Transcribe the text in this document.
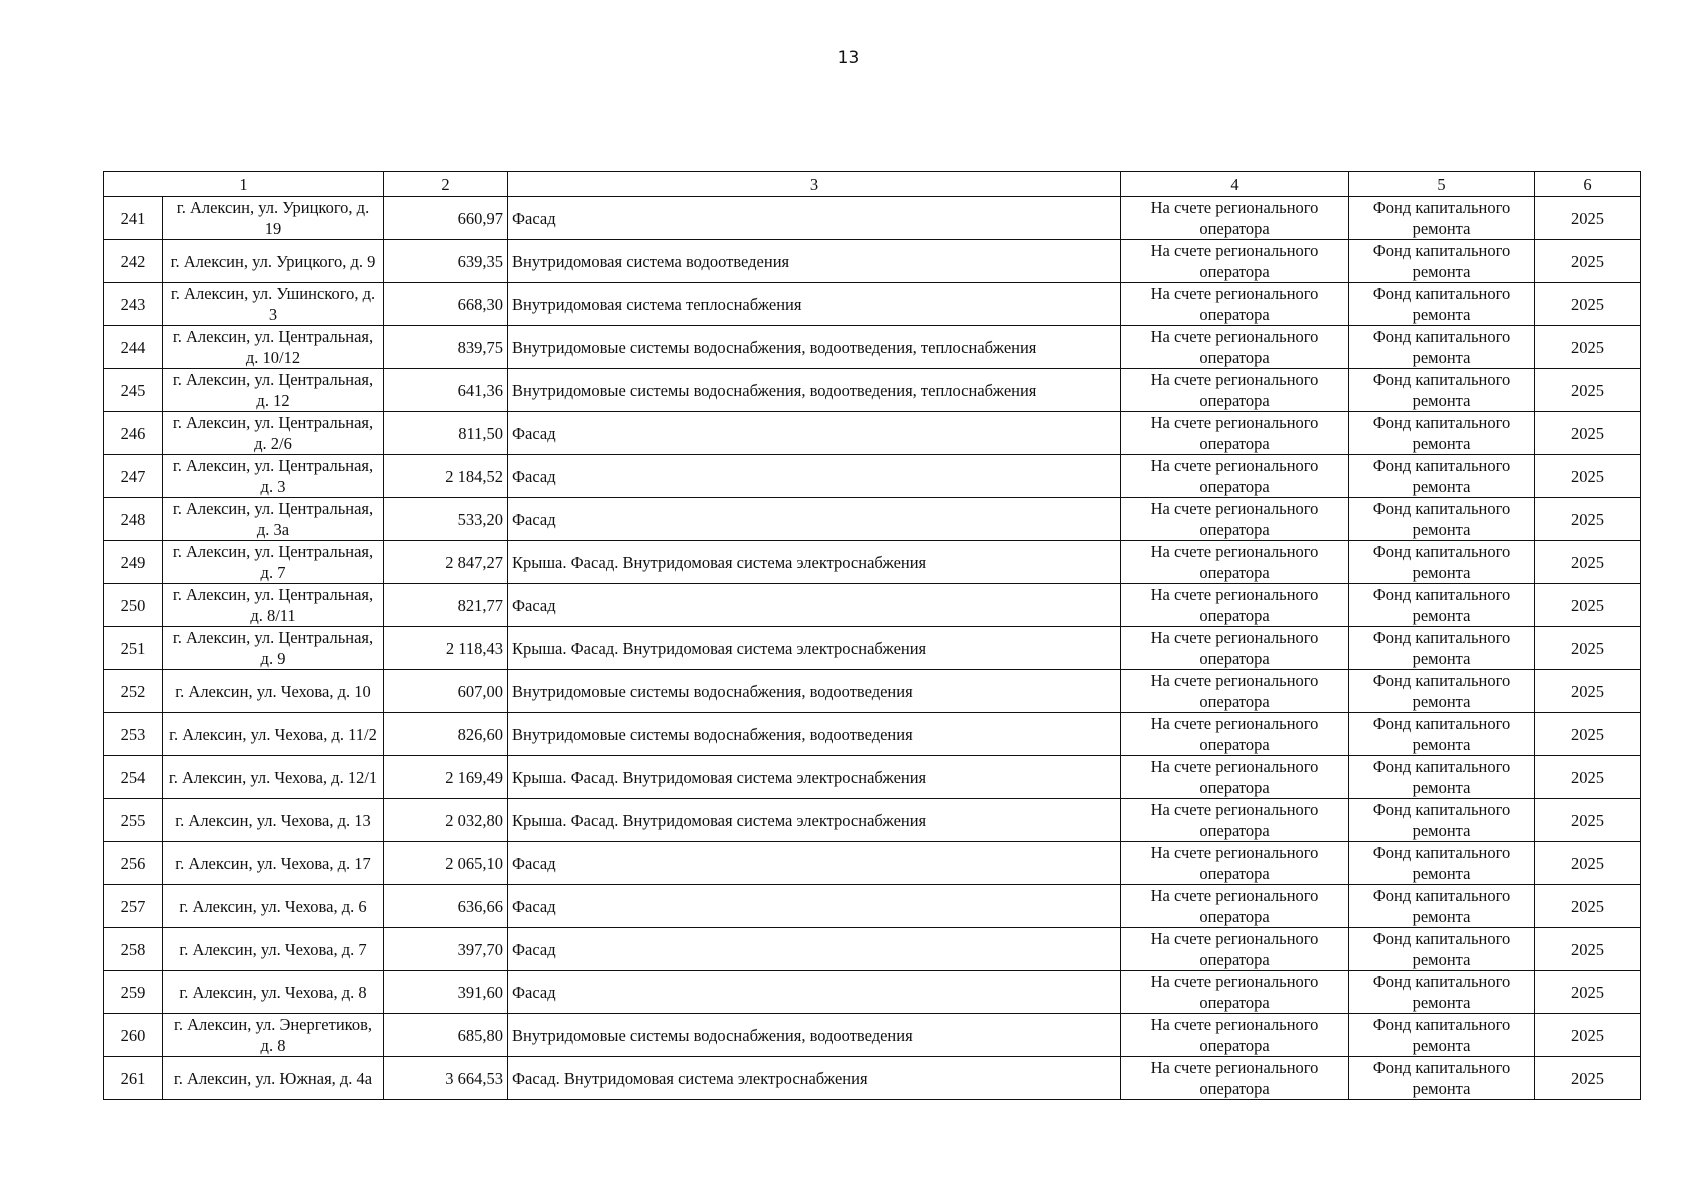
13
1		2	3	4	5	6
241	г. Алексин, ул. Урицкого, д. 19	660,97	Фасад	На счете регионального оператора	Фонд капитального ремонта	2025
242	г. Алексин, ул. Урицкого, д. 9	639,35	Внутридомовая система водоотведения	На счете регионального оператора	Фонд капитального ремонта	2025
243	г. Алексин, ул. Ушинского, д. 3	668,30	Внутридомовая система теплоснабжения	На счете регионального оператора	Фонд капитального ремонта	2025
244	г. Алексин, ул. Центральная, д. 10/12	839,75	Внутридомовые системы водоснабжения, водоотведения, теплоснабжения	На счете регионального оператора	Фонд капитального ремонта	2025
245	г. Алексин, ул. Центральная, д. 12	641,36	Внутридомовые системы водоснабжения, водоотведения, теплоснабжения	На счете регионального оператора	Фонд капитального ремонта	2025
246	г. Алексин, ул. Центральная, д. 2/6	811,50	Фасад	На счете регионального оператора	Фонд капитального ремонта	2025
247	г. Алексин, ул. Центральная, д. 3	2 184,52	Фасад	На счете регионального оператора	Фонд капитального ремонта	2025
248	г. Алексин, ул. Центральная, д. 3а	533,20	Фасад	На счете регионального оператора	Фонд капитального ремонта	2025
249	г. Алексин, ул. Центральная, д. 7	2 847,27	Крыша. Фасад. Внутридомовая система электроснабжения	На счете регионального оператора	Фонд капитального ремонта	2025
250	г. Алексин, ул. Центральная, д. 8/11	821,77	Фасад	На счете регионального оператора	Фонд капитального ремонта	2025
251	г. Алексин, ул. Центральная, д. 9	2 118,43	Крыша. Фасад. Внутридомовая система электроснабжения	На счете регионального оператора	Фонд капитального ремонта	2025
252	г. Алексин, ул. Чехова, д. 10	607,00	Внутридомовые системы водоснабжения, водоотведения	На счете регионального оператора	Фонд капитального ремонта	2025
253	г. Алексин, ул. Чехова, д. 11/2	826,60	Внутридомовые системы водоснабжения, водоотведения	На счете регионального оператора	Фонд капитального ремонта	2025
254	г. Алексин, ул. Чехова, д. 12/1	2 169,49	Крыша. Фасад. Внутридомовая система электроснабжения	На счете регионального оператора	Фонд капитального ремонта	2025
255	г. Алексин, ул. Чехова, д. 13	2 032,80	Крыша. Фасад. Внутридомовая система электроснабжения	На счете регионального оператора	Фонд капитального ремонта	2025
256	г. Алексин, ул. Чехова, д. 17	2 065,10	Фасад	На счете регионального оператора	Фонд капитального ремонта	2025
257	г. Алексин, ул. Чехова, д. 6	636,66	Фасад	На счете регионального оператора	Фонд капитального ремонта	2025
258	г. Алексин, ул. Чехова, д. 7	397,70	Фасад	На счете регионального оператора	Фонд капитального ремонта	2025
259	г. Алексин, ул. Чехова, д. 8	391,60	Фасад	На счете регионального оператора	Фонд капитального ремонта	2025
260	г. Алексин, ул. Энергетиков, д. 8	685,80	Внутридомовые системы водоснабжения, водоотведения	На счете регионального оператора	Фонд капитального ремонта	2025
261	г. Алексин, ул. Южная, д. 4а	3 664,53	Фасад. Внутридомовая система электроснабжения	На счете регионального оператора	Фонд капитального ремонта	2025
